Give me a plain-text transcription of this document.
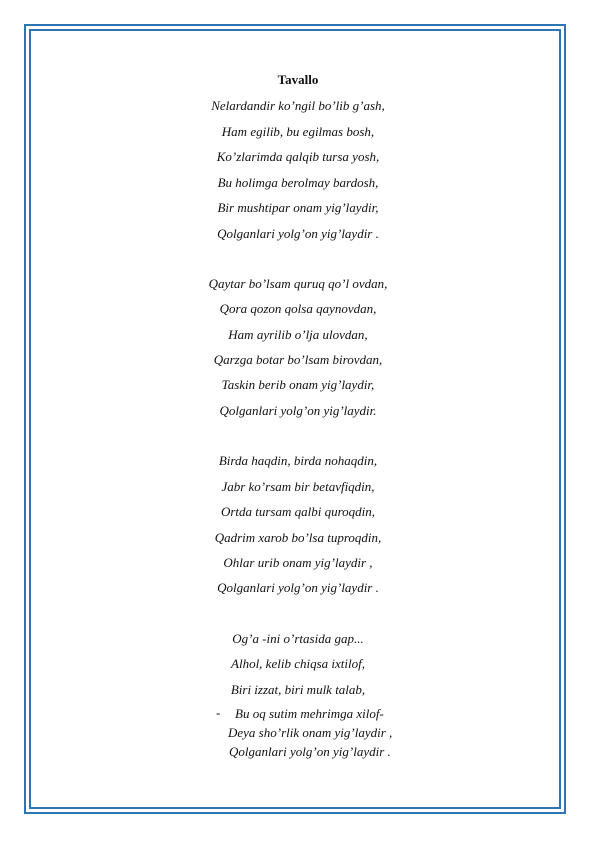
Tavallo
Nelardandir ko’ngil bo’lib g’ash,
Ham egilib, bu egilmas bosh,
Ko’zlarimda qalqib tursa yosh,
Bu holimga berolmay bardosh,
Bir mushtipar onam yig’laydir,
Qolganlari yolg’on yig’laydir .
Qaytar bo’lsam quruq qo’l ovdan,
Qora qozon qolsa qaynovdan,
Ham ayrilib o’lja ulovdan,
Qarzga botar bo’lsam birovdan,
Taskin berib onam yig’laydir,
Qolganlari yolg’on yig’laydir.
Birda haqdin, birda nohaqdin,
Jabr ko’rsam bir betavfiqdin,
Ortda tursam qalbi quroqdin,
Qadrim xarob bo’lsa tuproqdin,
Ohlar urib onam yig’laydir ,
Qolganlari yolg’on yig’laydir .
Og’a -ini o’rtasida gap...
Alhol, kelib chiqsa ixtilof,
Biri izzat, biri mulk talab,
- Bu oq sutim mehrimga xilof-
Deya sho’rlik onam yig’laydir ,
Qolganlari yolg’on yig’laydir .
